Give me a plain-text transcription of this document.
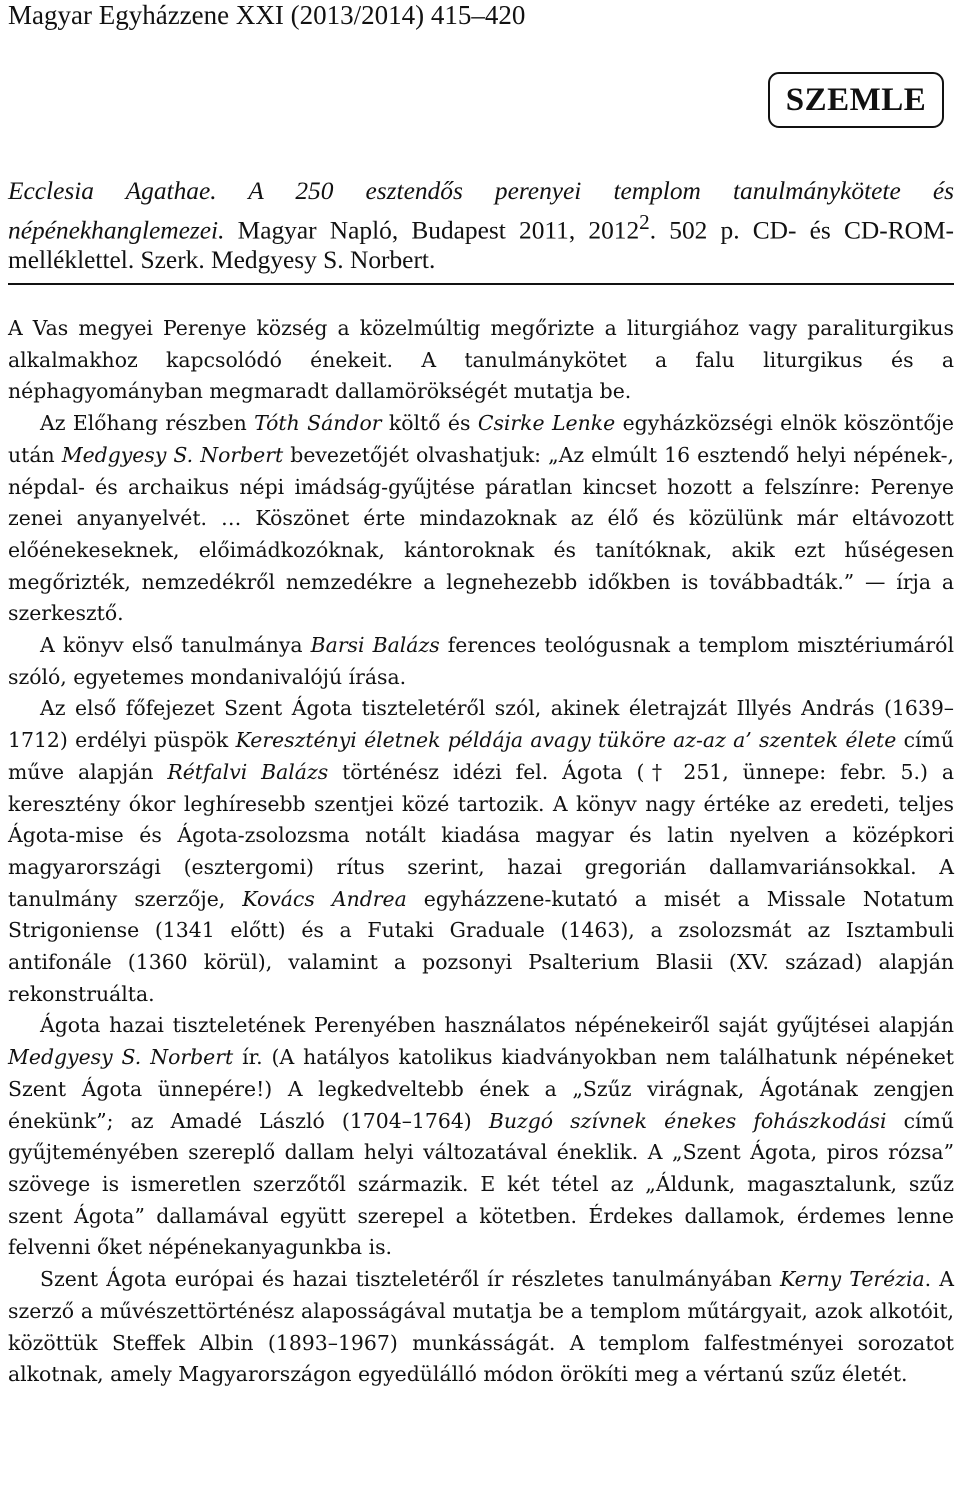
Magyar Egyházzene XXI (2013/2014) 415–420
SZEMLE
Ecclesia Agathae. A 250 esztendős perenyei templom tanulmánykötete és népénekhanglemezei. Magyar Napló, Budapest 2011, 2012$^2$. 502 p. CD- és CD-ROM-melléklettel. Szerk. Medgyesy S. Norbert.

A Vas megyei Perenye község a közelmúltig megőrizte a liturgiához vagy paraliturgikus alkalmakhoz kapcsolódó énekeit. A tanulmánykötet a falu liturgikus és a néphagyományban megmaradt dallamörökségét mutatja be.

Az Előhang részben Tóth Sándor költő és Csirke Lenke egyházközségi elnök köszöntője után Medgyesy S. Norbert bevezetőjét olvashatjuk: „Az elmúlt 16 esztendő helyi népének-, népdal- és archaikus népi imádság-gyűjtése páratlan kincset hozott a felszínre: Perenye zenei anyanyelvét. … Köszönet érte mindazoknak az élő és közülünk már eltávozott előénekeseknek, előimádkozóknak, kántoroknak és tanítóknak, akik ezt hűségesen megőrizték, nemzedékről nemzedékre a legnehezebb időkben is továbbadták.” — írja a szerkesztő.

A könyv első tanulmánya Barsi Balázs ferences teológusnak a templom misztériumáról szóló, egyetemes mondanivalójú írása.

Az első főfejezet Szent Ágota tiszteletéről szól, akinek életrajzát Illyés András (1639–1712) erdélyi püspök Keresztényi életnek példája avagy tüköre az-az a’ szentek élete című műve alapján Rétfalvi Balázs történész idézi fel. Ágota († 251, ünnepe: febr. 5.) a keresztény ókor leghíresebb szentjei közé tartozik. A könyv nagy értéke az eredeti, teljes Ágota-mise és Ágota-zsolozsma notált kiadása magyar és latin nyelven a középkori magyarországi (esztergomi) rítus szerint, hazai gregorián dallamvariánsokkal. A tanulmány szerzője, Kovács Andrea egyházzene-kutató a misét a Missale Notatum Strigoniense (1341 előtt) és a Futaki Graduale (1463), a zsolozsmát az Isztambuli antifonále (1360 körül), valamint a pozsonyi Psalterium Blasii (XV. század) alapján rekonstruálta.

Ágota hazai tiszteletének Perenyében használatos népénekeiről saját gyűjtései alapján Medgyesy S. Norbert ír. (A hatályos katolikus kiadványokban nem találhatunk népéneket Szent Ágota ünnepére!) A legkedveltebb ének a „Szűz virágnak, Ágotának zengjen énekünk”; az Amadé László (1704–1764) Buzgó szívnek énekes fohászkodási című gyűjteményében szereplő dallam helyi változatával éneklik. A „Szent Ágota, piros rózsa” szövege is ismeretlen szerzőtől származik. E két tétel az „Áldunk, magasztalunk, szűz szent Ágota” dallamával együtt szerepel a kötetben. Érdekes dallamok, érdemes lenne felvenni őket népénekanyagunkba is.

Szent Ágota európai és hazai tiszteletéről ír részletes tanulmányában Kerny Terézia. A szerző a művészettörténész alaposságával mutatja be a templom műtárgyait, azok alkotóit, közöttük Steffek Albin (1893–1967) munkásságát. A templom falfestményei sorozatot alkotnak, amely Magyarországon egyedülálló módon örökíti meg a vértanú szűz életét.
